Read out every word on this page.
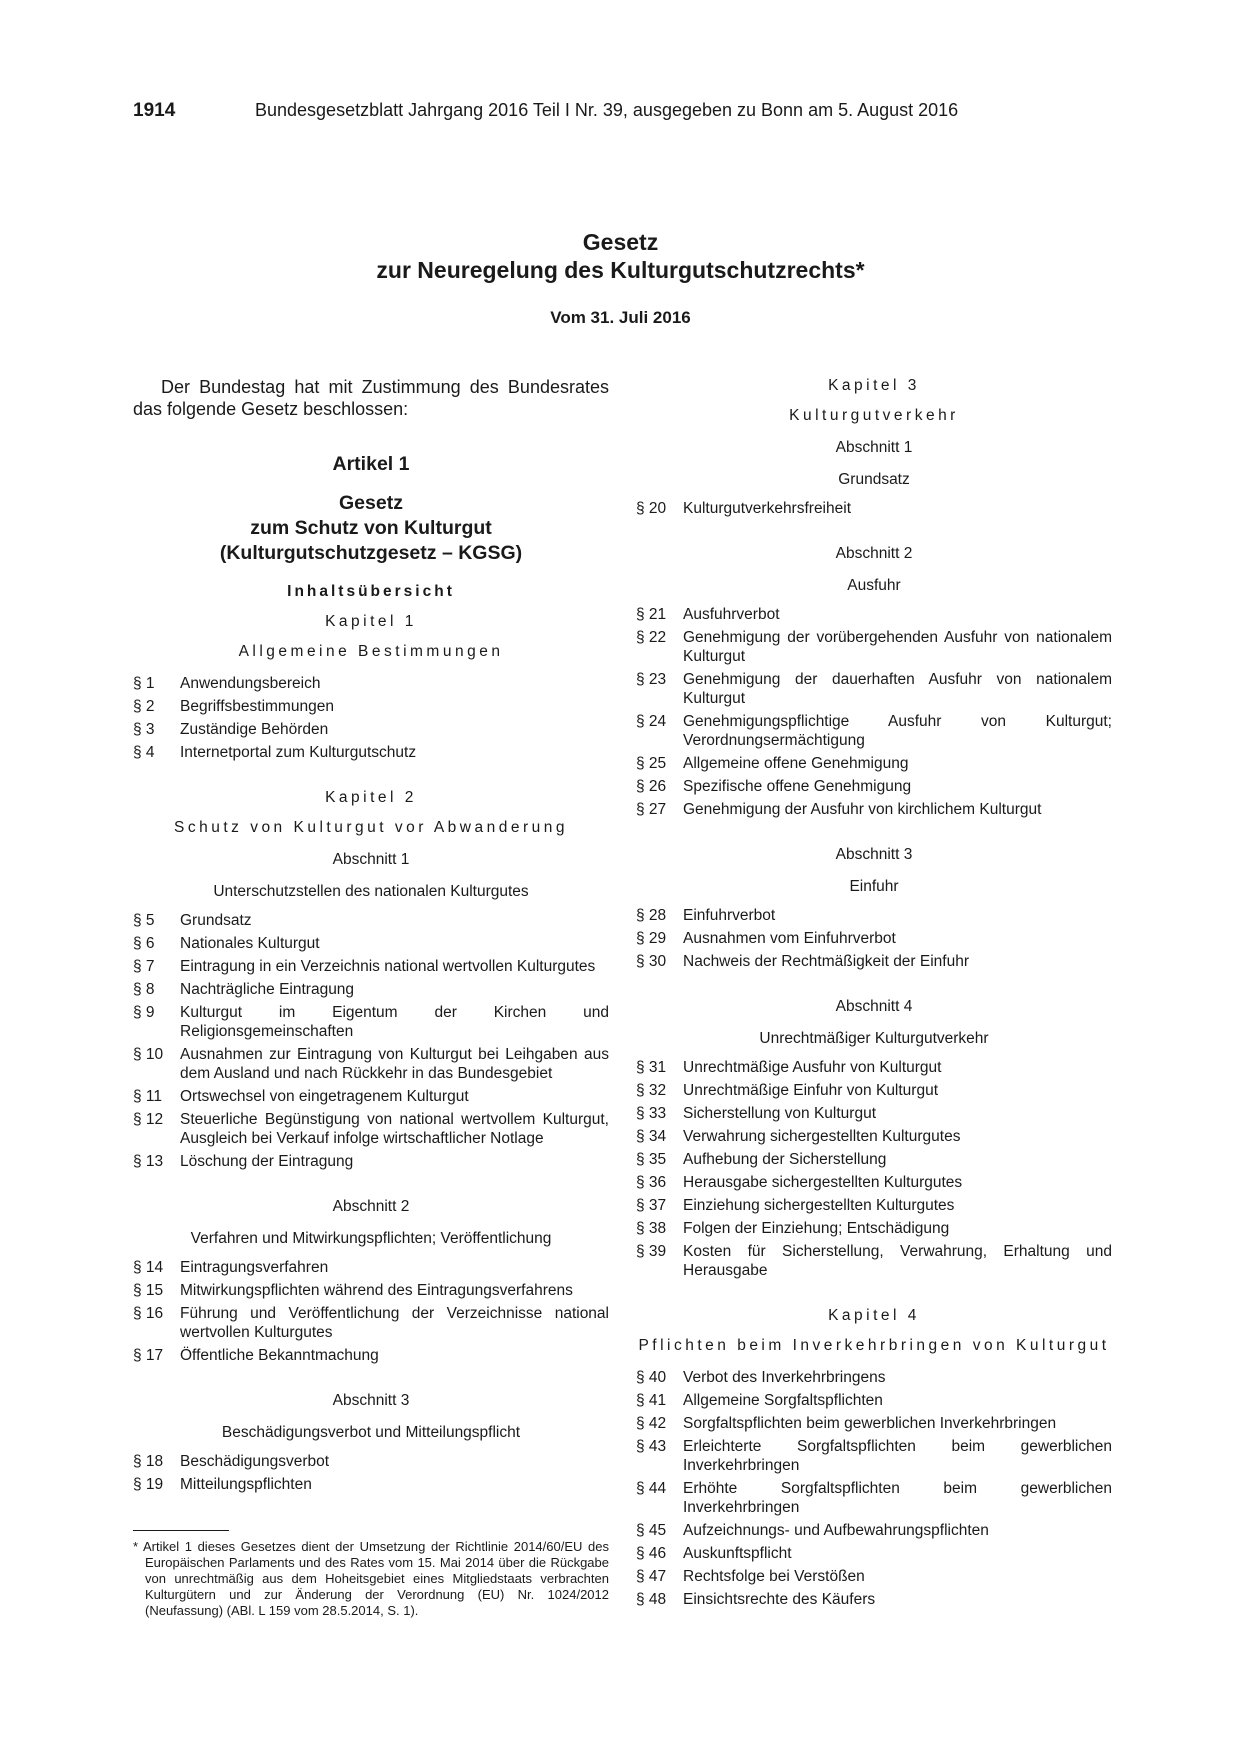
1914	Bundesgesetzblatt Jahrgang 2016 Teil I Nr. 39, ausgegeben zu Bonn am 5. August 2016
Gesetz
zur Neuregelung des Kulturgutschutzrechts*
Vom 31. Juli 2016

Der Bundestag hat mit Zustimmung des Bundesrates das folgende Gesetz beschlossen:

Artikel 1
Gesetz
zum Schutz von Kulturgut
(Kulturgutschutzgesetz – KGSG)
Inhaltsübersicht
Kapitel 1
Allgemeine Bestimmungen
§ 1	Anwendungsbereich
§ 2	Begriffsbestimmungen
§ 3	Zuständige Behörden
§ 4	Internetportal zum Kulturgutschutz
Kapitel 2
Schutz von Kulturgut vor Abwanderung
Abschnitt 1
Unterschutzstellen des nationalen Kulturgutes
§ 5	Grundsatz
§ 6	Nationales Kulturgut
§ 7	Eintragung in ein Verzeichnis national wertvollen Kulturgutes
§ 8	Nachträgliche Eintragung
§ 9	Kulturgut im Eigentum der Kirchen und Religionsgemeinschaften
§ 10	Ausnahmen zur Eintragung von Kulturgut bei Leihgaben aus dem Ausland und nach Rückkehr in das Bundesgebiet
§ 11	Ortswechsel von eingetragenem Kulturgut
§ 12	Steuerliche Begünstigung von national wertvollem Kulturgut, Ausgleich bei Verkauf infolge wirtschaftlicher Notlage
§ 13	Löschung der Eintragung
Abschnitt 2
Verfahren und Mitwirkungspflichten; Veröffentlichung
§ 14	Eintragungsverfahren
§ 15	Mitwirkungspflichten während des Eintragungsverfahrens
§ 16	Führung und Veröffentlichung der Verzeichnisse national wertvollen Kulturgutes
§ 17	Öffentliche Bekanntmachung
Abschnitt 3
Beschädigungsverbot und Mitteilungspflicht
§ 18	Beschädigungsverbot
§ 19	Mitteilungspflichten
Kapitel 3
Kulturgutverkehr
Abschnitt 1
Grundsatz
§ 20	Kulturgutverkehrsfreiheit
Abschnitt 2
Ausfuhr
§ 21	Ausfuhrverbot
§ 22	Genehmigung der vorübergehenden Ausfuhr von nationalem Kulturgut
§ 23	Genehmigung der dauerhaften Ausfuhr von nationalem Kulturgut
§ 24	Genehmigungspflichtige Ausfuhr von Kulturgut; Verordnungsermächtigung
§ 25	Allgemeine offene Genehmigung
§ 26	Spezifische offene Genehmigung
§ 27	Genehmigung der Ausfuhr von kirchlichem Kulturgut
Abschnitt 3
Einfuhr
§ 28	Einfuhrverbot
§ 29	Ausnahmen vom Einfuhrverbot
§ 30	Nachweis der Rechtmäßigkeit der Einfuhr
Abschnitt 4
Unrechtmäßiger Kulturgutverkehr
§ 31	Unrechtmäßige Ausfuhr von Kulturgut
§ 32	Unrechtmäßige Einfuhr von Kulturgut
§ 33	Sicherstellung von Kulturgut
§ 34	Verwahrung sichergestellten Kulturgutes
§ 35	Aufhebung der Sicherstellung
§ 36	Herausgabe sichergestellten Kulturgutes
§ 37	Einziehung sichergestellten Kulturgutes
§ 38	Folgen der Einziehung; Entschädigung
§ 39	Kosten für Sicherstellung, Verwahrung, Erhaltung und Herausgabe
Kapitel 4
Pflichten beim Inverkehrbringen von Kulturgut
§ 40	Verbot des Inverkehrbringens
§ 41	Allgemeine Sorgfaltspflichten
§ 42	Sorgfaltspflichten beim gewerblichen Inverkehrbringen
§ 43	Erleichterte Sorgfaltspflichten beim gewerblichen Inverkehrbringen
§ 44	Erhöhte Sorgfaltspflichten beim gewerblichen Inverkehrbringen
§ 45	Aufzeichnungs- und Aufbewahrungspflichten
§ 46	Auskunftspflicht
§ 47	Rechtsfolge bei Verstößen
§ 48	Einsichtsrechte des Käufers
* Artikel 1 dieses Gesetzes dient der Umsetzung der Richtlinie 2014/60/EU des Europäischen Parlaments und des Rates vom 15. Mai 2014 über die Rückgabe von unrechtmäßig aus dem Hoheitsgebiet eines Mitgliedstaats verbrachten Kulturgütern und zur Änderung der Verordnung (EU) Nr. 1024/2012 (Neufassung) (ABl. L 159 vom 28.5.2014, S. 1).
